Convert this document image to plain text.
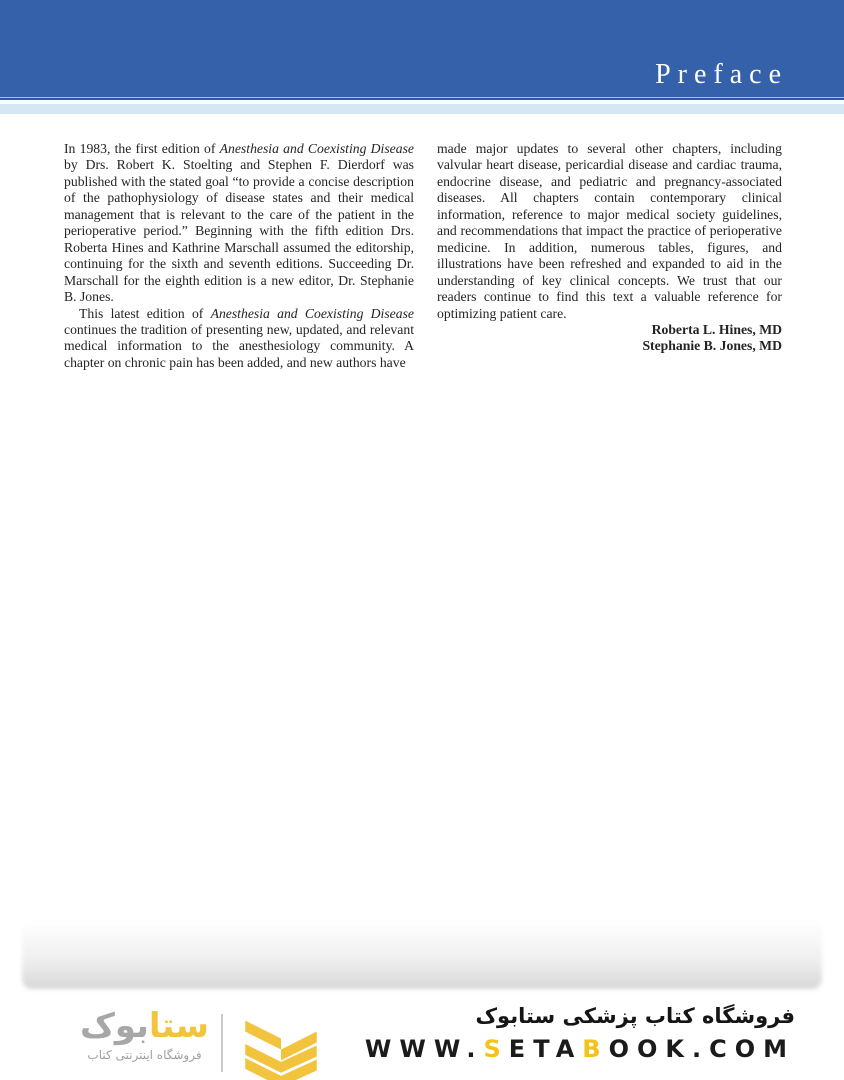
Preface

In 1983, the first edition of Anesthesia and Coexisting Disease by Drs. Robert K. Stoelting and Stephen F. Dierdorf was published with the stated goal “to provide a concise description of the pathophysiology of disease states and their medical management that is relevant to the care of the patient in the perioperative period.” Beginning with the fifth edition Drs. Roberta Hines and Kathrine Marschall assumed the editorship, continuing for the sixth and seventh editions. Succeeding Dr. Marschall for the eighth edition is a new editor, Dr. Stephanie B. Jones.

This latest edition of Anesthesia and Coexisting Disease continues the tradition of presenting new, updated, and relevant medical information to the anesthesiology community. A chapter on chronic pain has been added, and new authors have

made major updates to several other chapters, including valvular heart disease, pericardial disease and cardiac trauma, endocrine disease, and pediatric and pregnancy-associated diseases. All chapters contain contemporary clinical information, reference to major medical society guidelines, and recommendations that impact the practice of perioperative medicine. In addition, numerous tables, figures, and illustrations have been refreshed and expanded to aid in the understanding of key clinical concepts. We trust that our readers continue to find this text a valuable reference for optimizing patient care.

Roberta L. Hines, MD
Stephanie B. Jones, MD
ستابوک
فروشگاه اینترنتی کتاب
فروشگاه کتاب پزشکی ستابوک
WWW.SETABOOK.COM
